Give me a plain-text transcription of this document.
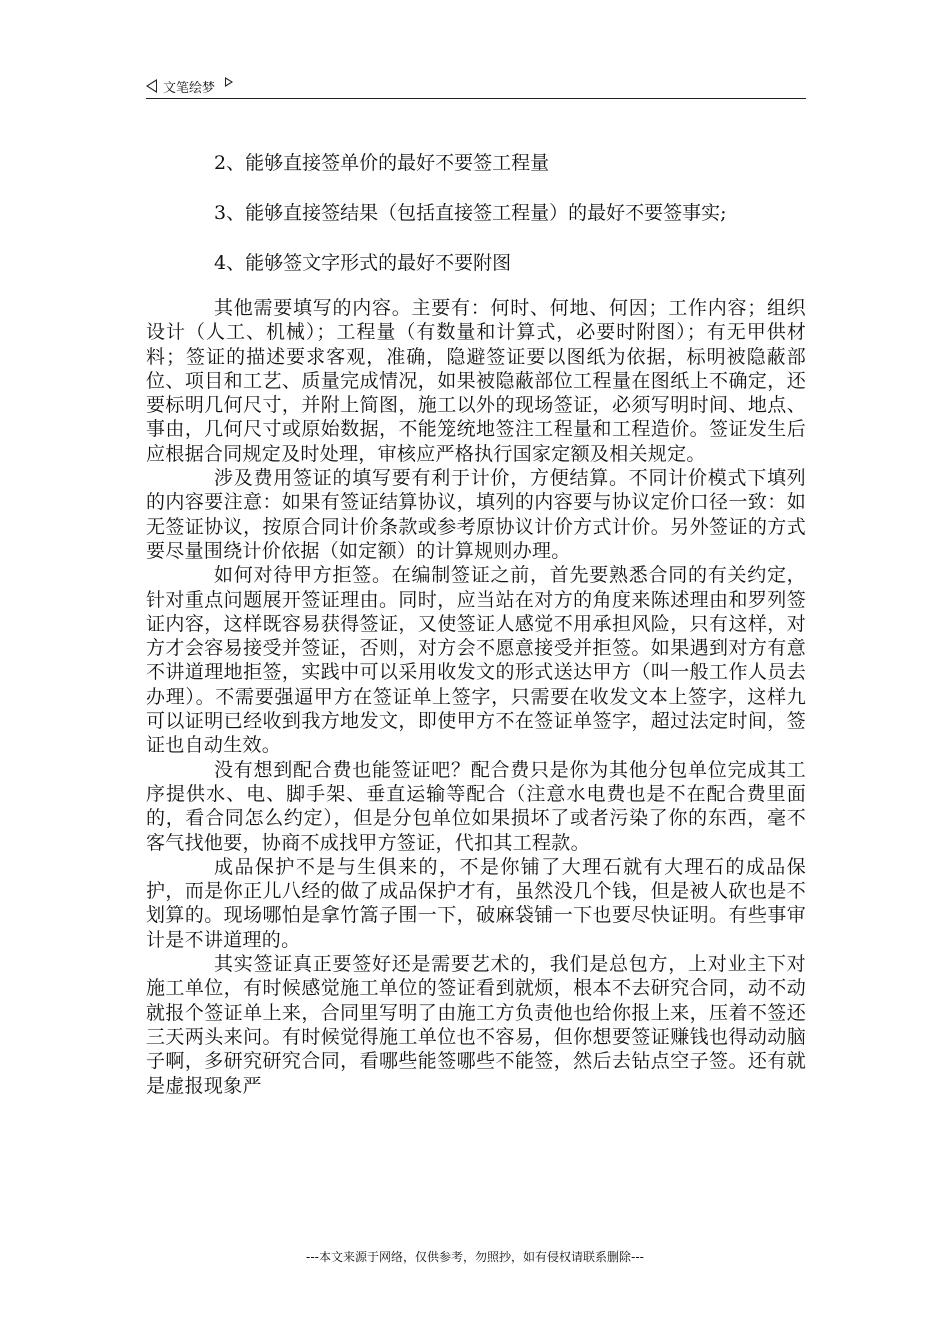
文笔绘梦
2、能够直接签单价的最好不要签工程量
3、能够直接签结果（包括直接签工程量）的最好不要签事实;
4、能够签文字形式的最好不要附图

其他需要填写的内容。主要有：何时、何地、何因；工作内容；组织设计（人工、机械）；工程量（有数量和计算式，必要时附图）；有无甲供材料；签证的描述要求客观，准确，隐避签证要以图纸为依据，标明被隐蔽部位、项目和工艺、质量完成情况，如果被隐蔽部位工程量在图纸上不确定，还要标明几何尺寸，并附上简图，施工以外的现场签证，必须写明时间、地点、事由，几何尺寸或原始数据，不能笼统地签注工程量和工程造价。签证发生后应根据合同规定及时处理，审核应严格执行国家定额及相关规定。

涉及费用签证的填写要有利于计价，方便结算。不同计价模式下填列的内容要注意：如果有签证结算协议，填列的内容要与协议定价口径一致：如无签证协议，按原合同计价条款或参考原协议计价方式计价。另外签证的方式要尽量围绕计价依据（如定额）的计算规则办理。

如何对待甲方拒签。在编制签证之前，首先要熟悉合同的有关约定，针对重点问题展开签证理由。同时，应当站在对方的角度来陈述理由和罗列签证内容，这样既容易获得签证，又使签证人感觉不用承担风险，只有这样，对方才会容易接受并签证，否则，对方会不愿意接受并拒签。如果遇到对方有意不讲道理地拒签，实践中可以采用收发文的形式送达甲方（叫一般工作人员去办理）。不需要强逼甲方在签证单上签字，只需要在收发文本上签字，这样九可以证明已经收到我方地发文，即使甲方不在签证单签字，超过法定时间，签证也自动生效。

没有想到配合费也能签证吧？配合费只是你为其他分包单位完成其工序提供水、电、脚手架、垂直运输等配合（注意水电费也是不在配合费里面的，看合同怎么约定），但是分包单位如果损坏了或者污染了你的东西，毫不客气找他要，协商不成找甲方签证，代扣其工程款。

成品保护不是与生俱来的，不是你铺了大理石就有大理石的成品保护，而是你正儿八经的做了成品保护才有，虽然没几个钱，但是被人砍也是不划算的。现场哪怕是拿竹篙子围一下，破麻袋铺一下也要尽快证明。有些事审计是不讲道理的。

其实签证真正要签好还是需要艺术的，我们是总包方，上对业主下对施工单位，有时候感觉施工单位的签证看到就烦，根本不去研究合同，动不动就报个签证单上来，合同里写明了由施工方负责他也给你报上来，压着不签还三天两头来问。有时候觉得施工单位也不容易，但你想要签证赚钱也得动动脑子啊，多研究研究合同，看哪些能签哪些不能签，然后去钻点空子签。还有就是虚报现象严

---本文来源于网络，仅供参考，勿照抄，如有侵权请联系删除---
